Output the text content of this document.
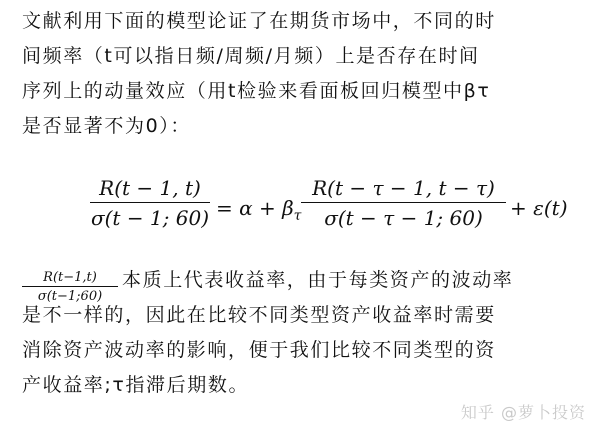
文献利用下面的模型论证了在期货市场中，不同的时
间频率（t可以指日频/周频/月频）上是否存在时间
序列上的动量效应（用t检验来看面板回归模型中βτ
是否显著不为0）：
R(t − 1, t)
σ(t − 1; $60) = \alpha + \beta_\tau$
R(t − τ − 1, t − τ)
σ(t − τ − 1; 60)	+ ε(t)
R(t−1,t)
σ(t−1;60)
本质上代表收益率，由于每类资产的波动率
是不一样的，因此在比较不同类型资产收益率时需要
消除资产波动率的影响，便于我们比较不同类型的资
产收益率;τ指滞后期数。
知乎 @萝卜投资
